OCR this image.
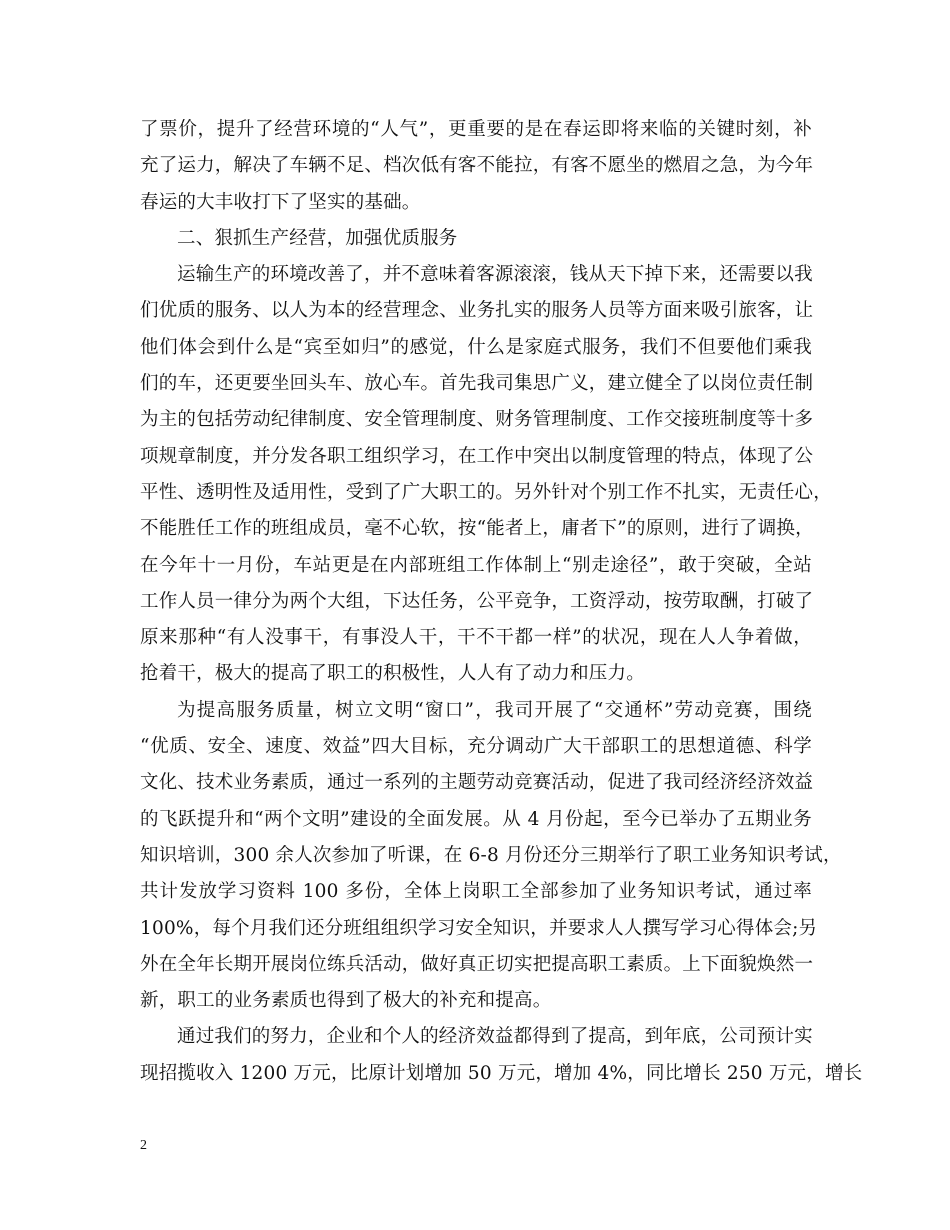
了票价，提升了经营环境的“人气”，更重要的是在春运即将来临的关键时刻，补
充了运力，解决了车辆不足、档次低有客不能拉，有客不愿坐的燃眉之急，为今年
春运的大丰收打下了坚实的基础。
二、狠抓生产经营，加强优质服务
运输生产的环境改善了，并不意味着客源滚滚，钱从天下掉下来，还需要以我
们优质的服务、以人为本的经营理念、业务扎实的服务人员等方面来吸引旅客，让
他们体会到什么是“宾至如归”的感觉，什么是家庭式服务，我们不但要他们乘我
们的车，还更要坐回头车、放心车。首先我司集思广义，建立健全了以岗位责任制
为主的包括劳动纪律制度、安全管理制度、财务管理制度、工作交接班制度等十多
项规章制度，并分发各职工组织学习，在工作中突出以制度管理的特点，体现了公
平性、透明性及适用性，受到了广大职工的。另外针对个别工作不扎实，无责任心，
不能胜任工作的班组成员，毫不心软，按“能者上，庸者下”的原则，进行了调换，
在今年十一月份，车站更是在内部班组工作体制上“别走途径”，敢于突破，全站
工作人员一律分为两个大组，下达任务，公平竞争，工资浮动，按劳取酬，打破了
原来那种“有人没事干，有事没人干，干不干都一样”的状况，现在人人争着做，
抢着干，极大的提高了职工的积极性，人人有了动力和压力。
为提高服务质量，树立文明“窗口”，我司开展了“交通杯”劳动竞赛，围绕
“优质、安全、速度、效益”四大目标，充分调动广大干部职工的思想道德、科学
文化、技术业务素质，通过一系列的主题劳动竞赛活动，促进了我司经济经济效益
的飞跃提升和“两个文明”建设的全面发展。从 4 月份起，至今已举办了五期业务
知识培训，300 余人次参加了听课，在 6-8 月份还分三期举行了职工业务知识考试，
共计发放学习资料 100 多份，全体上岗职工全部参加了业务知识考试，通过率
100%，每个月我们还分班组组织学习安全知识，并要求人人撰写学习心得体会;另
外在全年长期开展岗位练兵活动，做好真正切实把提高职工素质。上下面貌焕然一
新，职工的业务素质也得到了极大的补充和提高。
通过我们的努力，企业和个人的经济效益都得到了提高，到年底，公司预计实
现招揽收入 1200 万元，比原计划增加 50 万元，增加 4%，同比增长 250 万元，增长
2
